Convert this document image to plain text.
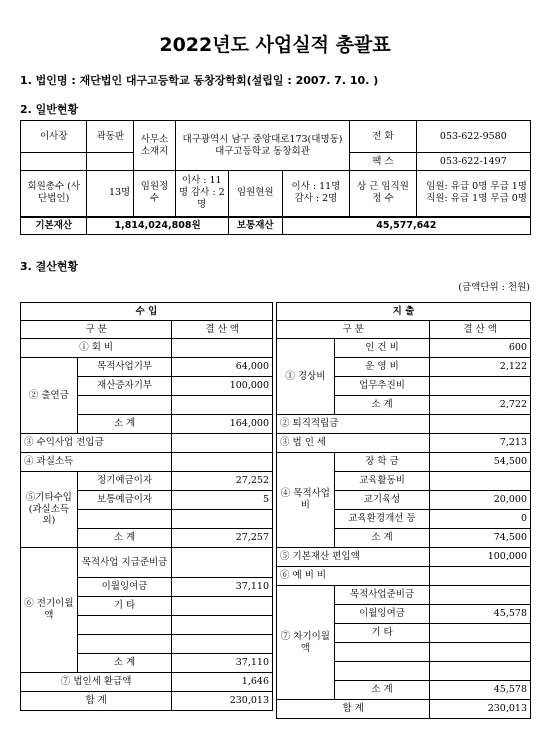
2022년도 사업실적 총괄표
1. 법인명 : 재단법인 대구고등학교 동창장학회(설립일 : 2007. 7. 10. )
2. 일반현황
이사장	곽동판	사무소 소재지	대구광역시 남구 중앙대로173(대명동) 대구고등학교 동창회관			전 화	053-622-9580
						팩 스	053-622-1497
회원총수 (사단법인)	13명	임원정수	이사 : 11명 감사 : 2명	임원현원	이사 : 11명 감사 : 2명	상 근 임직원 정 수	임원: 유급 0명 무급 1명 직원: 유급 1명 무급 0명
기본재산	1,814,024,808원			보통재산	45,577,642		
3. 결산현황
(금액단위 : 천원)
수 입		
구 분		결 산 액
① 회 비		
② 출연금	목적사업기부	64,000
	재산증자기부	100,000

	소 계	164,000
③ 수익사업 전입금		
④ 과실소득		
⑤기타수입 (과실소득외)	정기예금이자	27,252
	보통예금이자	5

	소 계	27,257
⑥ 전기이월액	목적사업 지급준비금	
	이월잉여금	37,110
	기 타	

	소 계	37,110
⑦ 법인세 환급액		1,646
합 계		230,013
지 출		
구 분		결 산 액
① 경상비	인 건 비	600
	운 영 비	2,122
	업무추진비	
	소 계	2,722
② 퇴직적립금		
③ 법 인 세		7,213
④ 목적사업비	장 학 금	54,500
	교육활동비	
	교기육성	20,000
	교육환경개선 등	0
	소 계	74,500
⑤ 기본재산 편입액		100,000
⑥ 예 비 비		
⑦ 차기이월액	목적사업준비금	
	이월잉여금	45,578
	기 타	

	소 계	45,578
합 계		230,013
